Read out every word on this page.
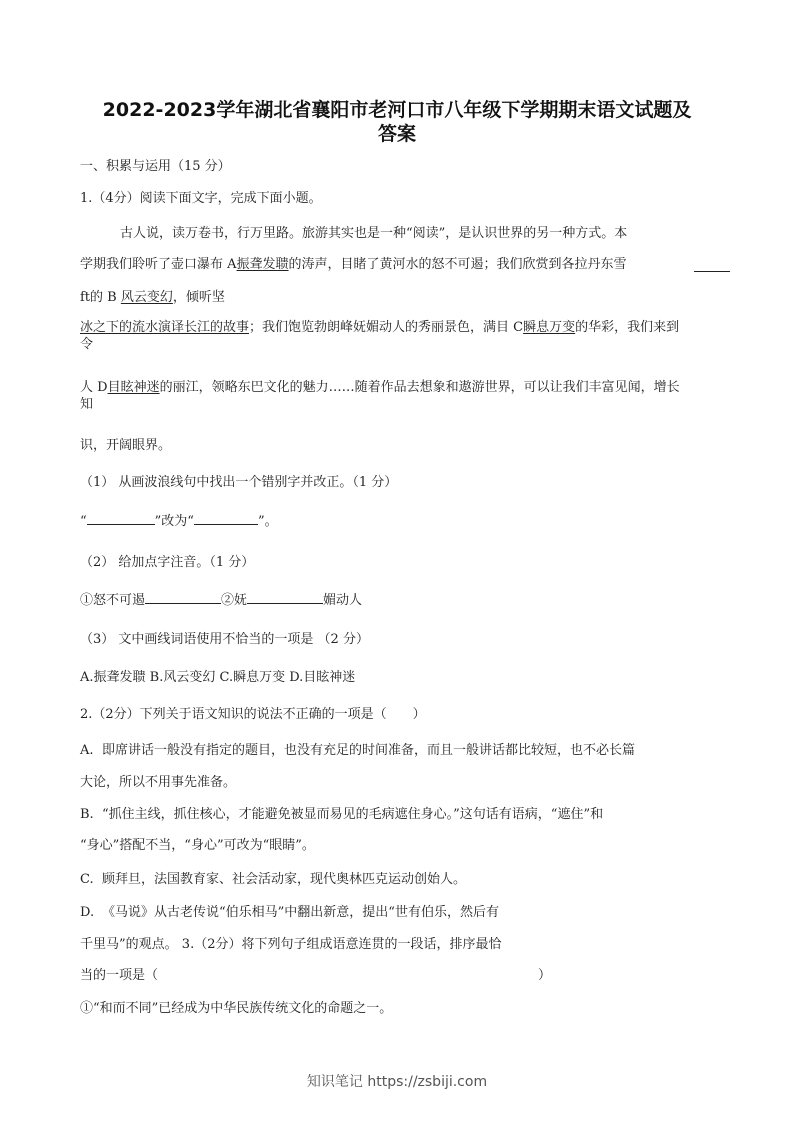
2022-2023学年湖北省襄阳市老河口市八年级下学期期末语文试题及
答案
一、积累与运用（15 分）
1.（4分）阅读下面文字，完成下面小题。
古人说，读万卷书，行万里路。旅游其实也是一种“阅读”，是认识世界的另一种方式。本
学期我们聆听了壶口瀑布 A振聋发聩的涛声，目睹了黄河水的怒不可遏；我们欣赏到各拉丹东雪
ft的 B 风云变幻，倾听坚
冰之下的流水演译长江的故事；我们饱览勃朗峰妩媚动人的秀丽景色，满目 C瞬息万变的华彩，我们来到
令
人 D目眩神迷的丽江，领略东巴文化的魅力……随着作品去想象和遨游世界，可以让我们丰富见闻，增长
知
识，开阔眼界。
（1） 从画波浪线句中找出一个错别字并改正。（1 分）
“	”改为“	”。
（2） 给加点字注音。（1 分）
①怒不可遏	②妩	媚动人
（3） 文中画线词语使用不恰当的一项是 （2 分）
A.振聋发聩 B.风云变幻 C.瞬息万变 D.目眩神迷
2.（2分）下列关于语文知识的说法不正确的一项是（　　）
A. 即席讲话一般没有指定的题目，也没有充足的时间准备，而且一般讲话都比较短，也不必长篇
大论，所以不用事先准备。
B. “抓住主线，抓住核心，才能避免被显而易见的毛病遮住身心。”这句话有语病，“遮住”和
“身心”搭配不当，“身心”可改为“眼睛”。
C. 顾拜旦，法国教育家、社会活动家，现代奥林匹克运动创始人。
D. 《马说》从古老传说“伯乐相马”中翻出新意，提出“世有伯乐，然后有
千里马”的观点。 3.（2分）将下列句子组成语意连贯的一段话，排序最恰
当的一项是（	）
①“和而不同”已经成为中华民族传统文化的命题之一。
知识笔记 https://zsbiji.com
